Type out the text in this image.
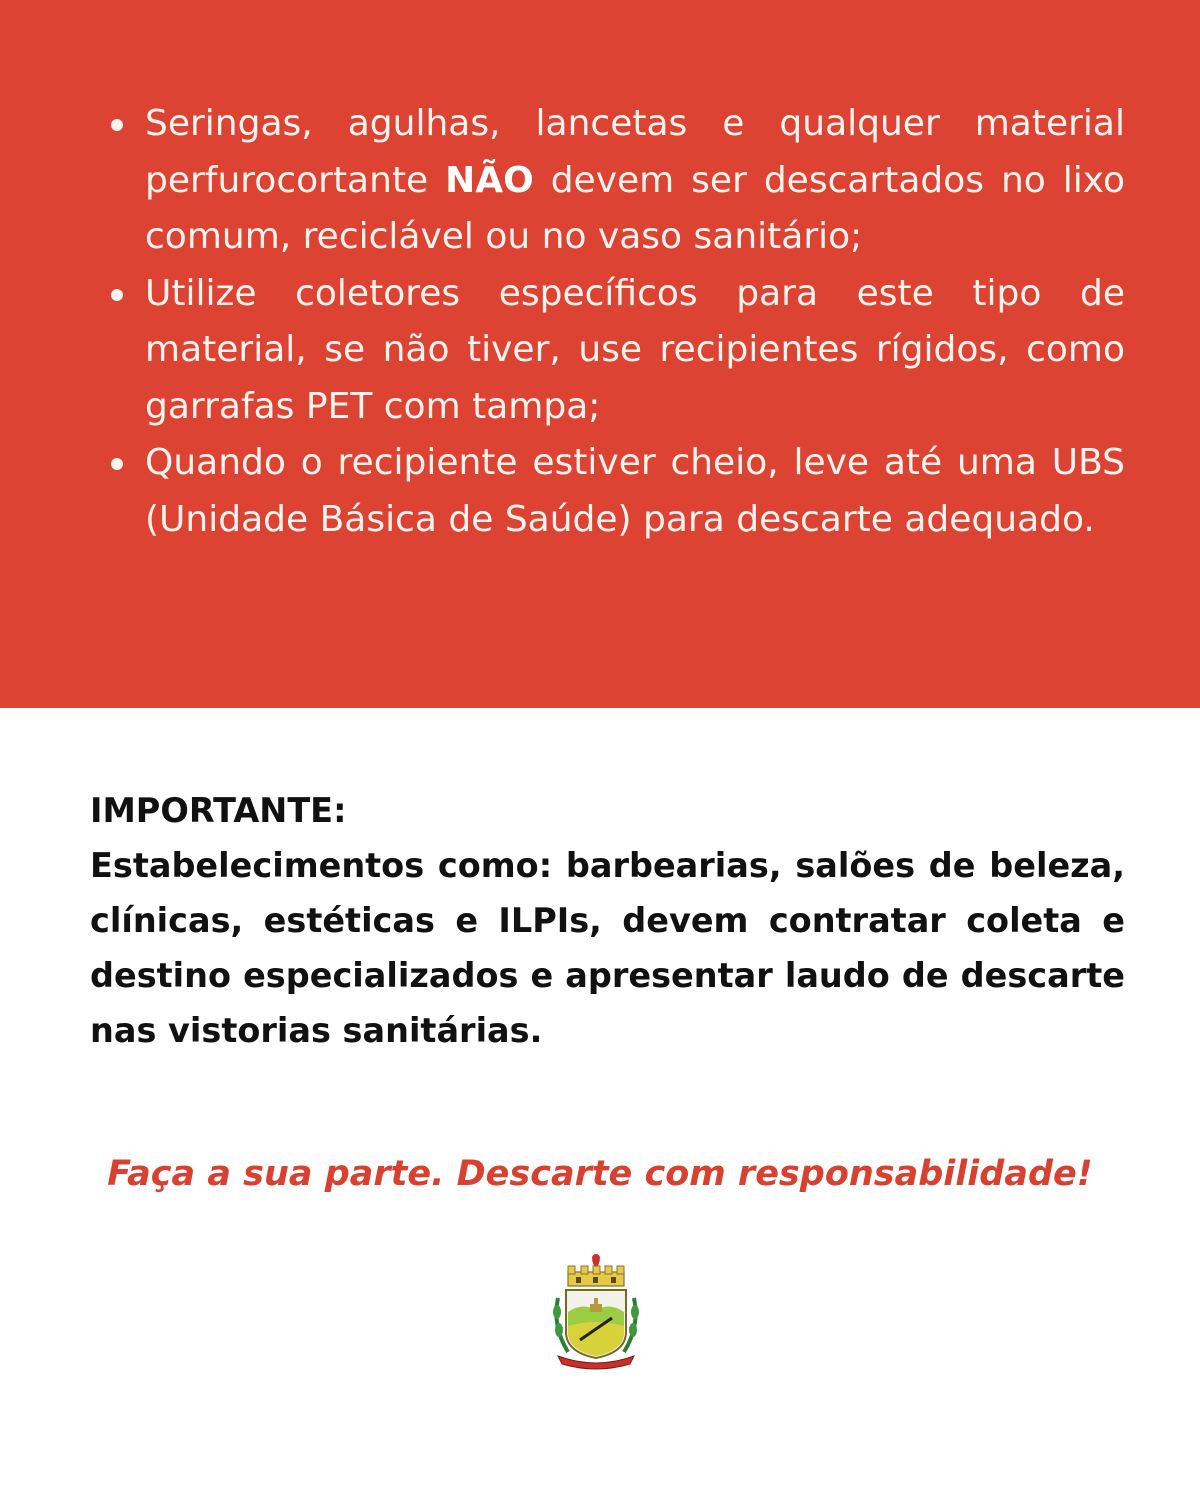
Seringas, agulhas, lancetas e qualquer material perfurocortante NÃO devem ser descartados no lixo comum, reciclável ou no vaso sanitário;
Utilize coletores específicos para este tipo de material, se não tiver, use recipientes rígidos, como garrafas PET com tampa;
Quando o recipiente estiver cheio, leve até uma UBS (Unidade Básica de Saúde) para descarte adequado.
IMPORTANTE:
Estabelecimentos como: barbearias, salões de beleza, clínicas, estéticas e ILPIs, devem contratar coleta e destino especializados e apresentar laudo de descarte nas vistorias sanitárias.
Faça a sua parte. Descarte com responsabilidade!
